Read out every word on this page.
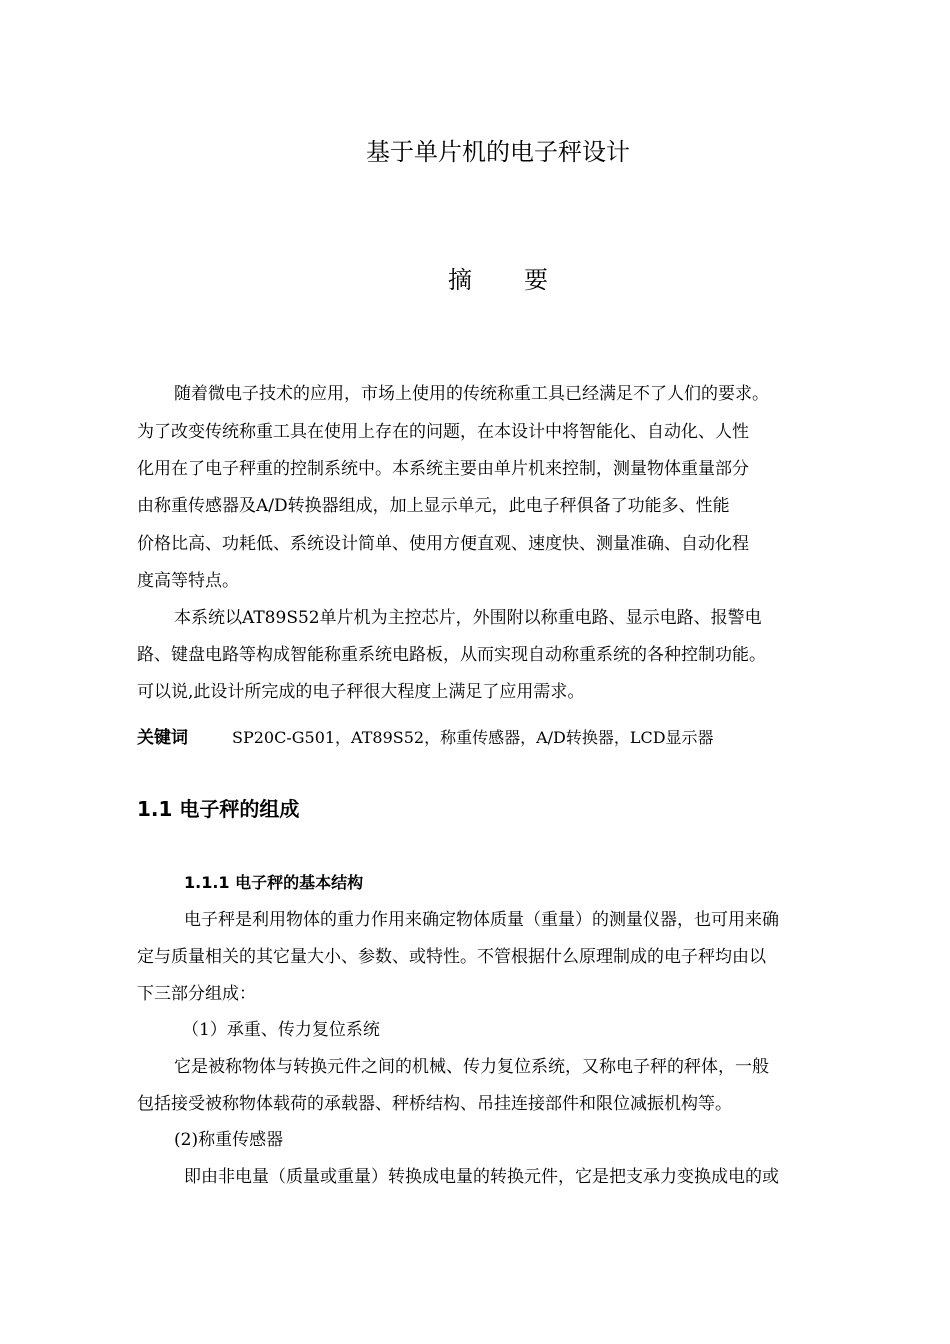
基于单片机的电子秤设计
摘要
随着微电子技术的应用，市场上使用的传统称重工具已经满足不了人们的要求。
为了改变传统称重工具在使用上存在的问题，在本设计中将智能化、自动化、人性
化用在了电子秤重的控制系统中。本系统主要由单片机来控制，测量物体重量部分
由称重传感器及A/D转换器组成，加上显示单元，此电子秤俱备了功能多、性能
价格比高、功耗低、系统设计简单、使用方便直观、速度快、测量准确、自动化程
度高等特点。
本系统以AT89S52单片机为主控芯片，外围附以称重电路、显示电路、报警电
路、键盘电路等构成智能称重系统电路板，从而实现自动称重系统的各种控制功能。
可以说,此设计所完成的电子秤很大程度上满足了应用需求。
关键词	SP20C-G501，AT89S52，称重传感器，A/D转换器，LCD显示器
1.1 电子秤的组成
1.1.1 电子秤的基本结构
电子秤是利用物体的重力作用来确定物体质量（重量）的测量仪器，也可用来确
定与质量相关的其它量大小、参数、或特性。不管根据什么原理制成的电子秤均由以
下三部分组成：
（1）承重、传力复位系统
它是被称物体与转换元件之间的机械、传力复位系统，又称电子秤的秤体，一般
包括接受被称物体载荷的承载器、秤桥结构、吊挂连接部件和限位减振机构等。
(2)称重传感器
即由非电量（质量或重量）转换成电量的转换元件，它是把支承力变换成电的或
